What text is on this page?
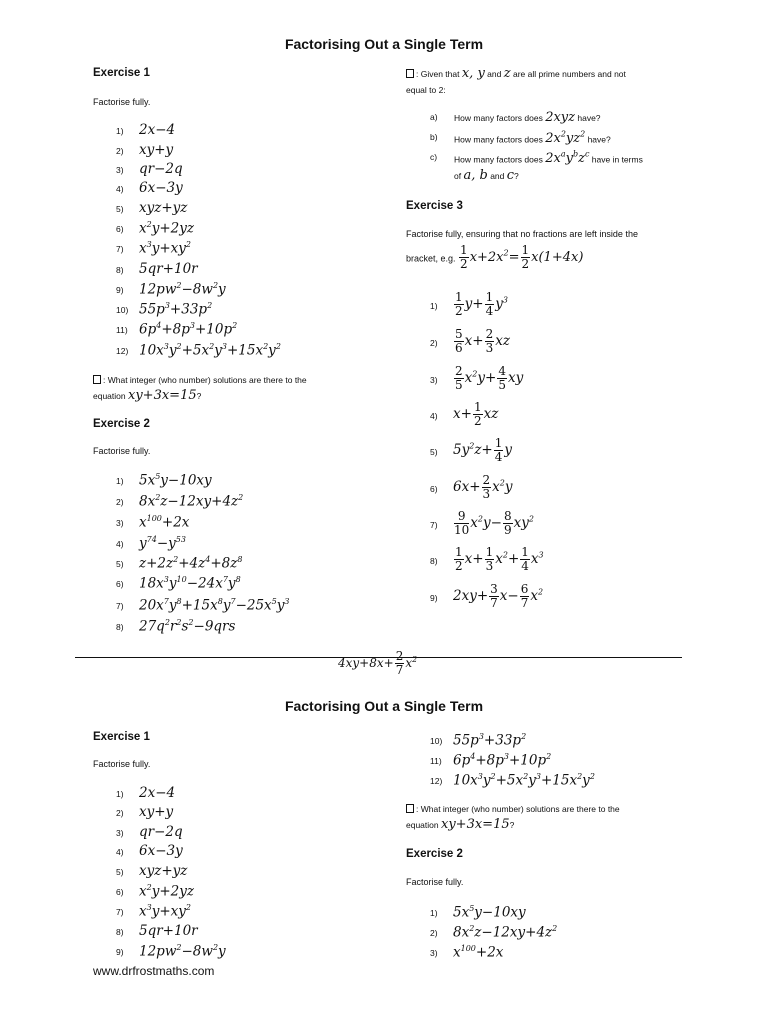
Factorising Out a Single Term
Exercise 1
Factorise fully.
1) 2x−4
2) xy+y
3) qr−2q
4) 6x−3y
5) xyz+yz
6) $x^2y+2yz$
7) $x^3y+xy^2$
8) 5qr+10r
9) $12pw^2-8w^2y$
10) $55p^3+33p^2$
11) $6p^4+8p^3+10p^2$
12) $10x^3y^2+5x^2y^3+15x^2y^2$
: What integer (who number) solutions are there to the
equation xy+3x=15?
Exercise 2
Factorise fully.
1) $5x^5y-10xy$
2) $8x^2z-12xy+4z^2$
3) $x^{100}+2x$
4) $y^{74}-y^{53}$
5) $z+2z^2+4z^4+8z^8$
6) $18x^3y^{10}-24x^7y^8$
7) $20x^7y^8+15x^8y^7-25x^5y^3$
8) $27q^2r^2s^2-9qrs$
: Given that x, y and z are all prime numbers and not
equal to 2:
a) How many factors does 2xyz have?
b) How many factors does $2x^2yz^2$ have?
c) How many factors does $2x^ay^bz^c$ have in terms
of a, b and c?
Exercise 3
Factorise fully, ensuring that no fractions are left inside the
bracket, e.g. $\frac{1}{2} x+2x^2= \frac{1}{2} x(1+4x)$
$1) \frac{1}{2} y+ \frac{1}{4} y^3$
$2) \frac{5}{6} x+ \frac{2}{3}$ xz
$3) \frac{2}{5} x^2y+ \frac{4}{5}$ xy
4) $x+ \frac{1}{2}$ xz
5) $5y^2z+ \frac{1}{4}$ y
6) $6x+ \frac{2}{3} x^2y$
$7) \frac{9}{10} x^2y- \frac{8}{9} xy^2$
$8) \frac{1}{2} x+ \frac{1}{3} x^2+ \frac{1}{4} x^3$
9) $2xy+ \frac{3}{7} x- \frac{6}{7} x^2$
$4xy+8x+ \frac{2}{7} x^2$
Factorising Out a Single Term
Exercise 1
Factorise fully.
1) 2x−4
2) xy+y
3) qr−2q
4) 6x−3y
5) xyz+yz
6) $x^2y+2yz$
7) $x^3y+xy^2$
8) 5qr+10r
9) $12pw^2-8w^2y$
10) $55p^3+33p^2$
11) $6p^4+8p^3+10p^2$
12) $10x^3y^2+5x^2y^3+15x^2y^2$
: What integer (who number) solutions are there to the
equation xy+3x=15?
Exercise 2
Factorise fully.
1) $5x^5y-10xy$
2) $8x^2z-12xy+4z^2$
3) $x^{100}+2x$
www.drfrostmaths.com
